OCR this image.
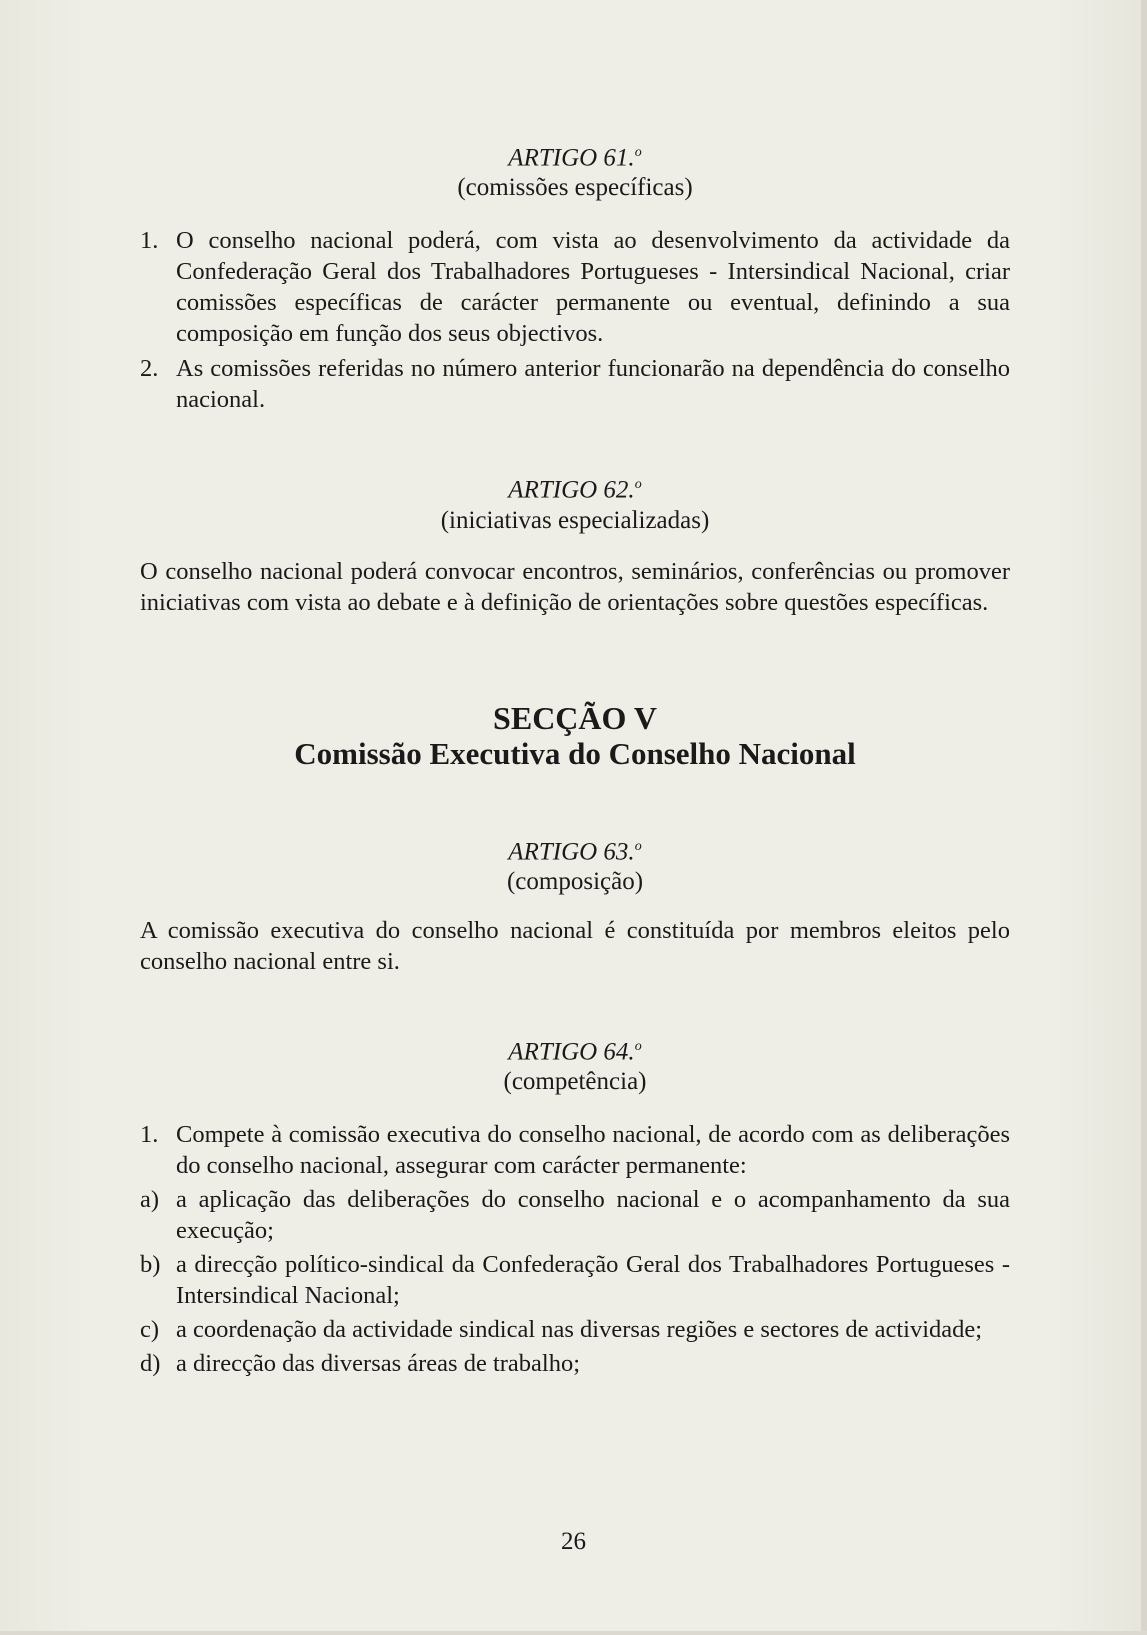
ARTIGO 61.$^o$
(comissões específicas)
1. O conselho nacional poderá, com vista ao desenvolvimento da actividade da Confederação Geral dos Trabalhadores Portugueses - Intersindical Nacional, criar comissões específicas de carácter permanente ou eventual, definindo a sua composição em função dos seus objectivos.
2. As comissões referidas no número anterior funcionarão na dependência do conselho nacional.
ARTIGO 62.$^o$
(iniciativas especializadas)
O conselho nacional poderá convocar encontros, seminários, conferências ou promover iniciativas com vista ao debate e à definição de orientações sobre questões específicas.
SECÇÃO V
Comissão Executiva do Conselho Nacional
ARTIGO 63.$^o$
(composição)
A comissão executiva do conselho nacional é constituída por membros eleitos pelo conselho nacional entre si.
ARTIGO 64.$^o$
(competência)
1. Compete à comissão executiva do conselho nacional, de acordo com as deliberações do conselho nacional, assegurar com carácter permanente:
a) a aplicação das deliberações do conselho nacional e o acompanhamento da sua execução;
b) a direcção político-sindical da Confederação Geral dos Trabalhadores Portugueses - Intersindical Nacional;
c) a coordenação da actividade sindical nas diversas regiões e sectores de actividade;
d) a direcção das diversas áreas de trabalho;
26
